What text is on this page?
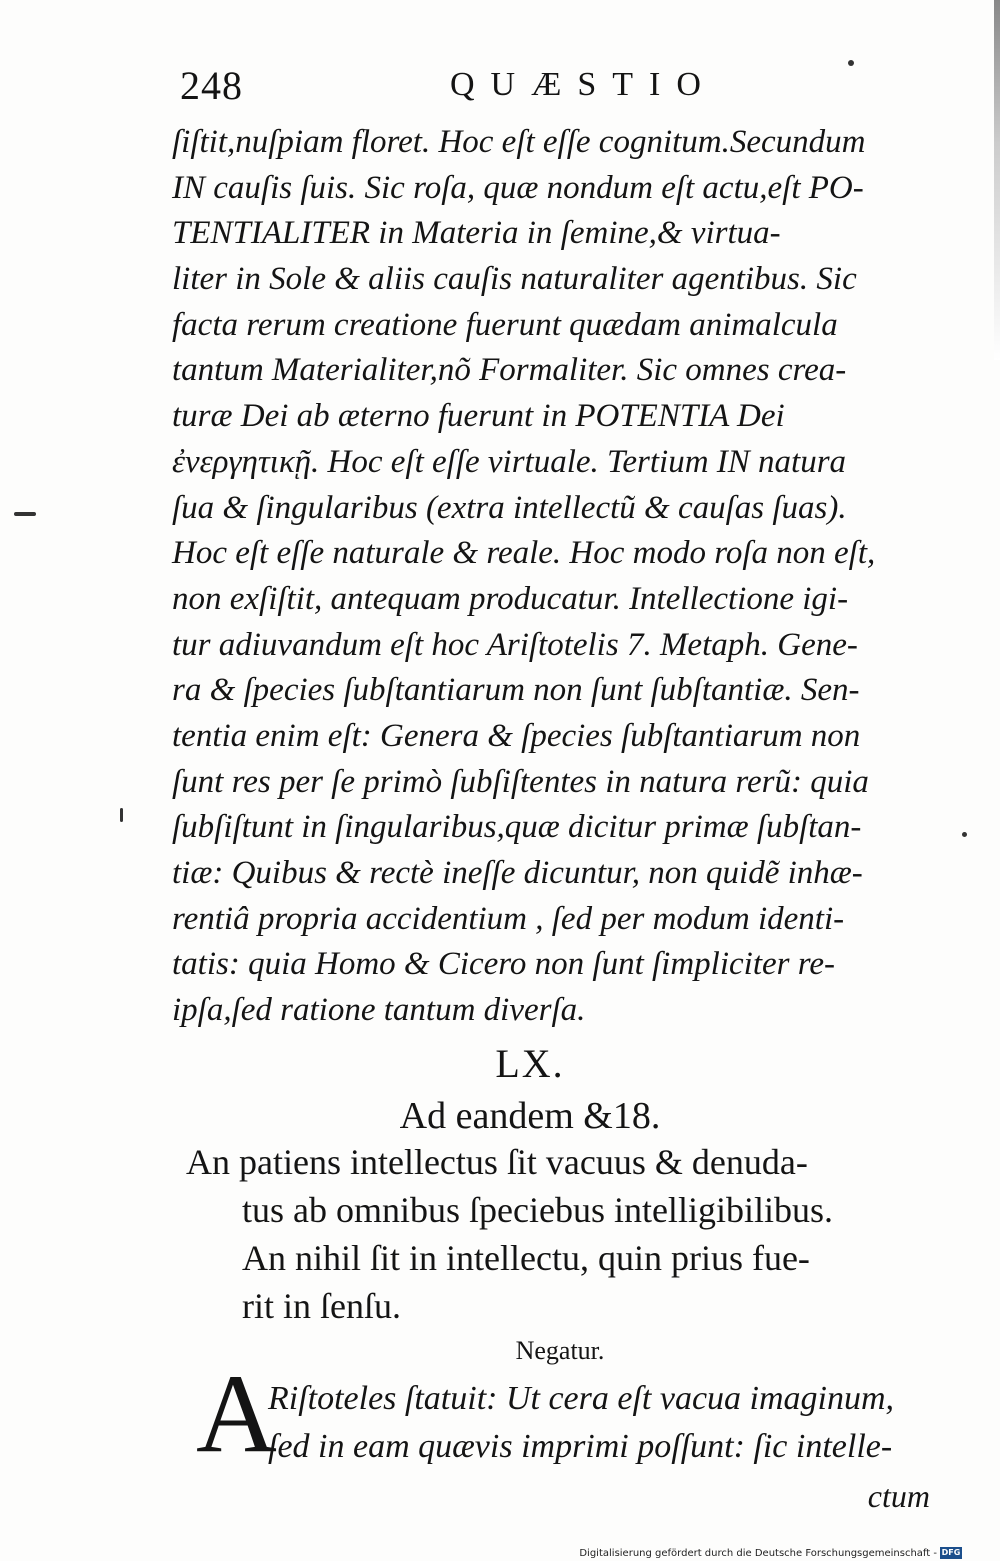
248	QUÆSTIO
ſiſtit,nuſpiam floret. Hoc eſt eſſe cognitum.Secundum
IN cauſis ſuis. Sic roſa, quæ nondum eſt actu,eſt PO-
TENTIALITER in Materia in ſemine,& virtua-
liter in Sole & aliis cauſis naturaliter agentibus. Sic
facta rerum creatione fuerunt quædam animalcula
tantum Materialiter,nõ Formaliter. Sic omnes crea-
turæ Dei ab æterno fuerunt in POTENTIA Dei
ἐνεργητικῇ. Hoc eſt eſſe virtuale. Tertium IN natura
ſua & ſingularibus (extra intellectũ & cauſas ſuas).
Hoc eſt eſſe naturale & reale. Hoc modo roſa non eſt,
non exſiſtit, antequam producatur. Intellectione igi-
tur adiuvandum eſt hoc Ariſtotelis 7. Metaph. Gene-
ra & ſpecies ſubſtantiarum non ſunt ſubſtantiæ. Sen-
tentia enim eſt: Genera & ſpecies ſubſtantiarum non
ſunt res per ſe primò ſubſiſtentes in natura rerũ: quia
ſubſiſtunt in ſingularibus,quæ dicitur primæ ſubſtan-
tiæ: Quibus & rectè ineſſe dicuntur, non quidẽ inhæ-
rentiâ propria accidentium , ſed per modum identi-
tatis: quia Homo & Cicero non ſunt ſimpliciter re-
ipſa,ſed ratione tantum diverſa.
LX.
Ad eandem &18.
An patiens intellectus ſit vacuus & denuda-
tus ab omnibus ſpeciebus intelligibilibus.
An nihil ſit in intellectu, quin prius fue-
rit in ſenſu.
Negatur.
A
Riſtoteles ſtatuit: Ut cera eſt vacua imaginum,
ſed in eam quævis imprimi poſſunt: ſic intelle-
ctum
Digitalisierung gefördert durch die Deutsche Forschungsgemeinschaft - DFG
